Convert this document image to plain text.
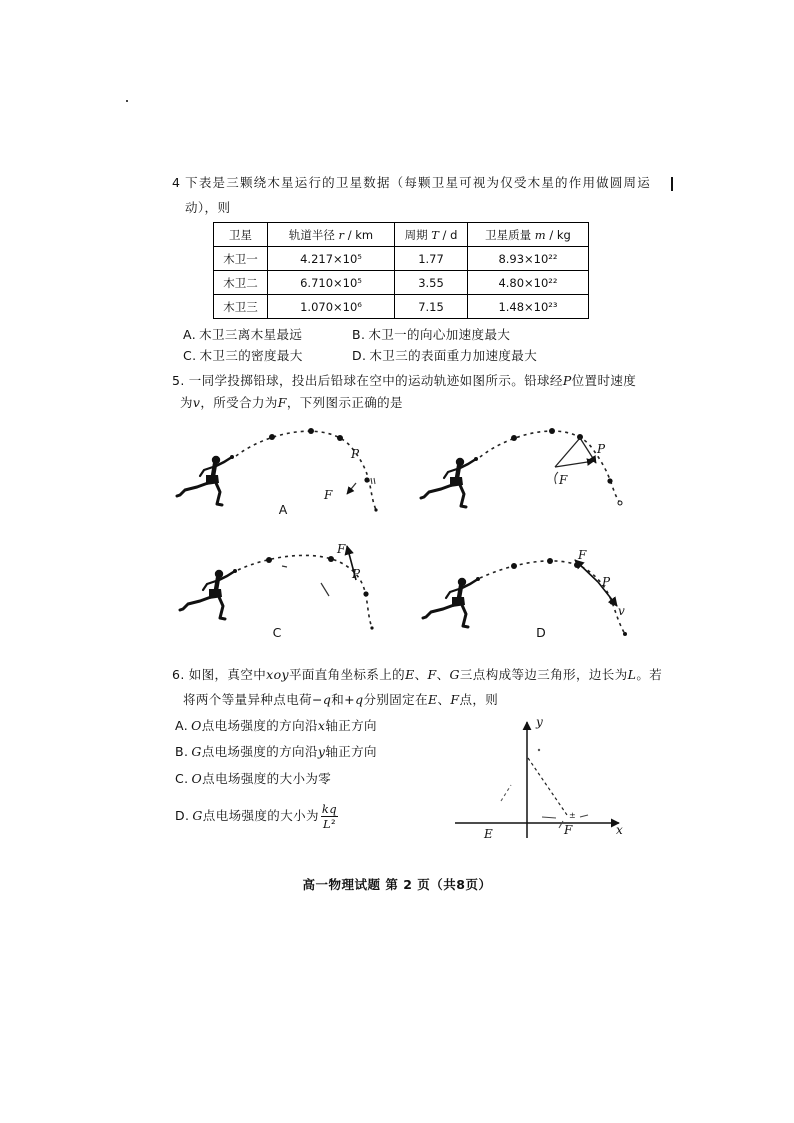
4 下表是三颗绕木星运行的卫星数据（每颗卫星可视为仅受木星的作用做圆周运
动），则
卫星	轨道半径 r / km	周期 T / d	卫星质量 m / kg
木卫一	4.217×10⁵	1.77	8.93×10²²
木卫二	6.710×10⁵	3.55	4.80×10²²
木卫三	1.070×10⁶	7.15	1.48×10²³
A. 木卫三离木星最远	B. 木卫一的向心加速度最大
C. 木卫三的密度最大	D. 木卫三的表面重力加速度最大
5. 一同学投掷铅球，投出后铅球在空中的运动轨迹如图所示。铅球经P位置时速度
为v，所受合力为F，下列图示正确的是
6. 如图，真空中xoy平面直角坐标系上的E、F、G三点构成等边三角形，边长为L。若
将两个等量异种点电荷−q和+q分别固定在E、F点，则
A. O点电场强度的方向沿x轴正方向
B. G点电场强度的方向沿y轴正方向
C. O点电场强度的大小为零
D. G点电场强度的大小为 $\frac{kq}{\text{L²}}$
P
F
A
P
F
P
F
C
P
F
v
D
y
x
E	F
±
高一物理试题 第 2 页（共8页）
